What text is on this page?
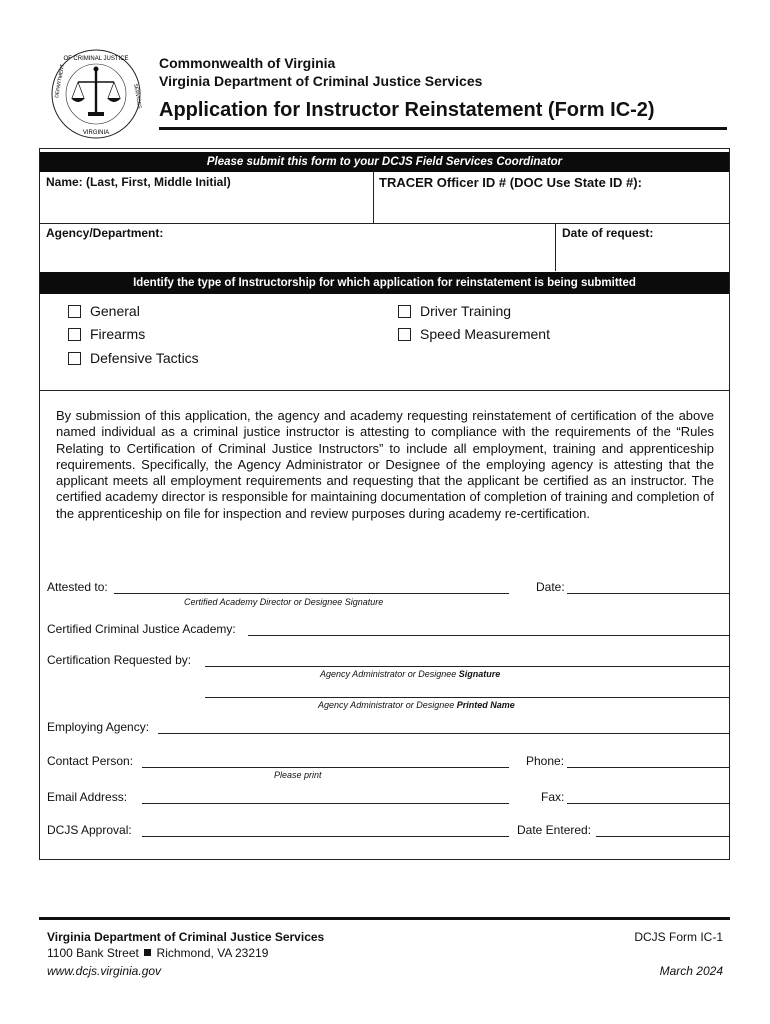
OF CRIMINAL JUSTICE
DEPARTMENT	SERVICES
VIRGINIA
Commonwealth of Virginia
Virginia Department of Criminal Justice Services
Application for Instructor Reinstatement (Form IC-2)
Please submit this form to your DCJS Field Services Coordinator
Name: (Last, First, Middle Initial)	TRACER Officer ID # (DOC Use State ID #):
Agency/Department:	Date of request:
Identify the type of Instructorship for which application for reinstatement is being submitted
General
Firearms
Defensive Tactics
Driver Training
Speed Measurement
By submission of this application, the agency and academy requesting reinstatement of certification of the above named individual as a criminal justice instructor is attesting to compliance with the requirements of the “Rules Relating to Certification of Criminal Justice Instructors” to include all employment, training and apprenticeship requirements. Specifically, the Agency Administrator or Designee of the employing agency is attesting that the applicant meets all employment requirements and requesting that the applicant be certified as an instructor. The certified academy director is responsible for maintaining documentation of completion of training and completion of the apprenticeship on file for inspection and review purposes during academy re-certification.
Attested to:
Certified Academy Director or Designee Signature
Date:
Certified Criminal Justice Academy:
Certification Requested by:
Agency Administrator or Designee Signature
Agency Administrator or Designee Printed Name
Employing Agency:
Contact Person:
Please print
Phone:
Email Address:	Fax:
DCJS Approval:	Date Entered:
Virginia Department of Criminal Justice Services
1100 Bank Street Richmond, VA 23219
www.dcjs.virginia.gov
DCJS Form IC-1
March 2024
